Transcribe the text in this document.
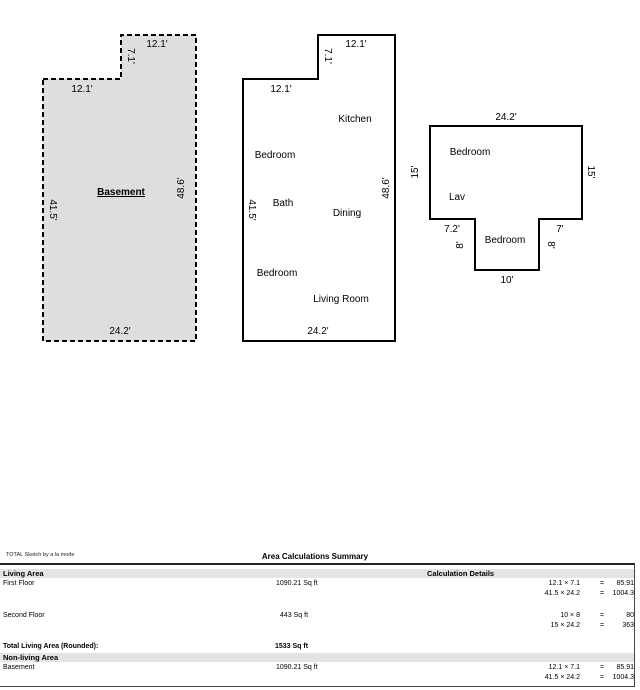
Basement
12.1'
7.1'
12.1'
41.5'
48.6'
24.2'
Kitchen
Bedroom
Bath
Dining
Bedroom
Living Room
12.1'
7.1'
12.1'
41.5'
48.6'
24.2'
Bedroom
Lav
Bedroom
24.2'
15'	15'
7.2'	7'
8'	8'
10'
TOTAL Sketch by a la mode	Area Calculations Summary
Living Area	Calculation Details
First Floor	1090.21 Sq ft	12.1 × 7.1	=	85.91
41.5 × 24.2	=	1004.3
Second Floor	443 Sq ft	10 × 8	=	80
15 × 24.2	=	363
Total Living Area (Rounded):	1533 Sq ft
Non-living Area
Basement	1090.21 Sq ft	12.1 × 7.1	=	85.91
41.5 × 24.2	=	1004.3
